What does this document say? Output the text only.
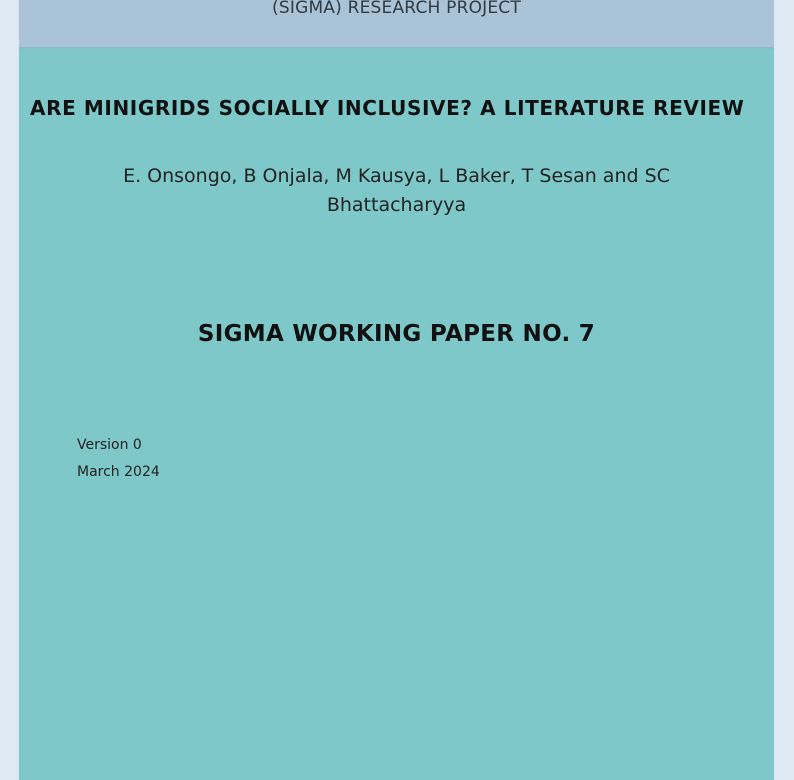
(SIGMA) RESEARCH PROJECT
ARE MINIGRIDS SOCIALLY INCLUSIVE? A LITERATURE REVIEW
E. Onsongo, B Onjala, M Kausya, L Baker, T Sesan and SC Bhattacharyya
SIGMA WORKING PAPER NO. 7
Version 0
March 2024
